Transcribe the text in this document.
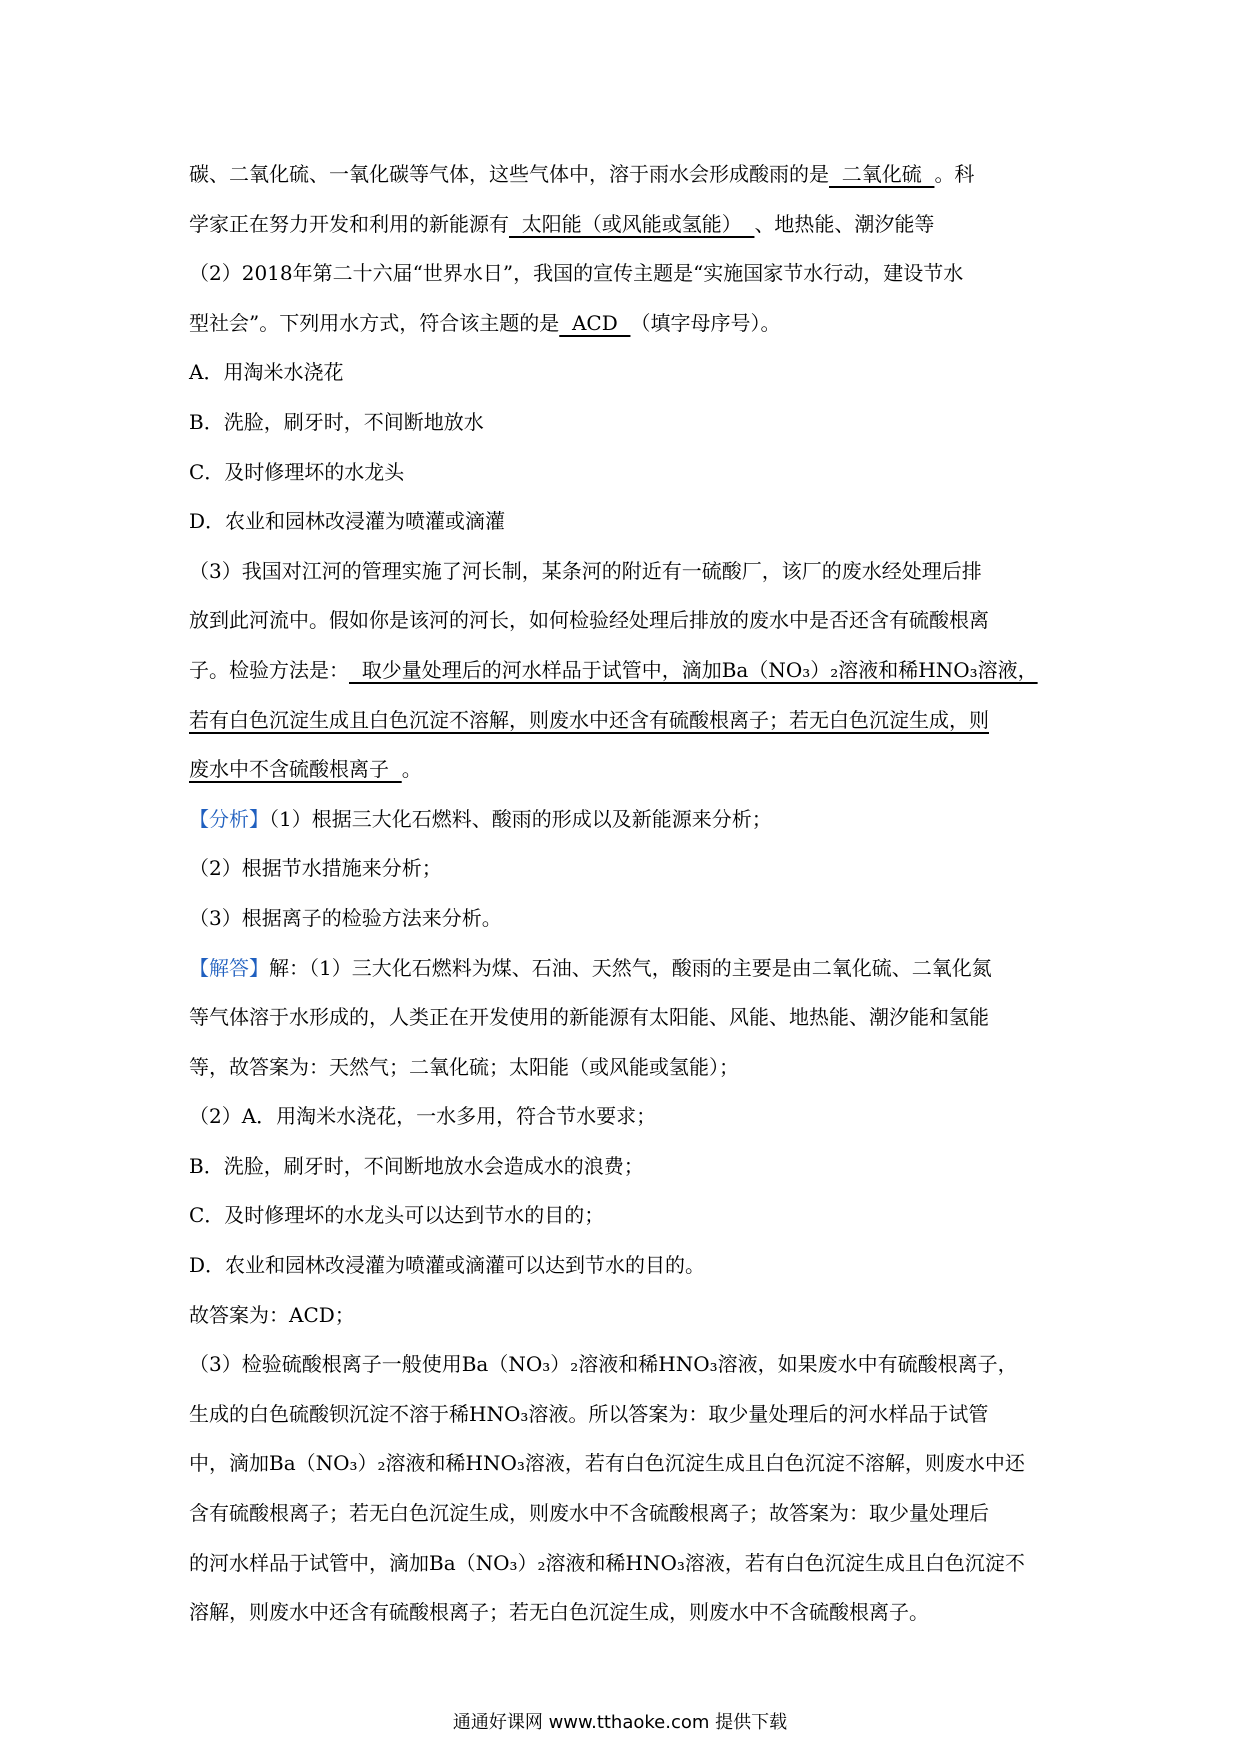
碳、二氧化硫、一氧化碳等气体，这些气体中，溶于雨水会形成酸雨的是  二氧化硫  。科
学家正在努力开发和利用的新能源有  太阳能（或风能或氢能）  、地热能、潮汐能等
（2）2018年第二十六届“世界水日”，我国的宣传主题是“实施国家节水行动，建设节水
型社会”。下列用水方式，符合该主题的是  ACD  （填字母序号）。
A．用淘米水浇花
B．洗脸，刷牙时，不间断地放水
C．及时修理坏的水龙头
D．农业和园林改浸灌为喷灌或滴灌
（3）我国对江河的管理实施了河长制，某条河的附近有一硫酸厂，该厂的废水经处理后排
放到此河流中。假如你是该河的河长，如何检验经处理后排放的废水中是否还含有硫酸根离
子。检验方法是：  取少量处理后的河水样品于试管中，滴加Ba（NO₃）₂溶液和稀HNO₃溶液，
若有白色沉淀生成且白色沉淀不溶解，则废水中还含有硫酸根离子；若无白色沉淀生成，则
废水中不含硫酸根离子  。
【分析】（1）根据三大化石燃料、酸雨的形成以及新能源来分析；
（2）根据节水措施来分析；
（3）根据离子的检验方法来分析。
【解答】解：（1）三大化石燃料为煤、石油、天然气，酸雨的主要是由二氧化硫、二氧化氮
等气体溶于水形成的，人类正在开发使用的新能源有太阳能、风能、地热能、潮汐能和氢能
等，故答案为：天然气；二氧化硫；太阳能（或风能或氢能）；
（2）A．用淘米水浇花，一水多用，符合节水要求；
B．洗脸，刷牙时，不间断地放水会造成水的浪费；
C．及时修理坏的水龙头可以达到节水的目的；
D．农业和园林改浸灌为喷灌或滴灌可以达到节水的目的。
故答案为：ACD；
（3）检验硫酸根离子一般使用Ba（NO₃）₂溶液和稀HNO₃溶液，如果废水中有硫酸根离子，
生成的白色硫酸钡沉淀不溶于稀HNO₃溶液。所以答案为：取少量处理后的河水样品于试管
中，滴加Ba（NO₃）₂溶液和稀HNO₃溶液，若有白色沉淀生成且白色沉淀不溶解，则废水中还
含有硫酸根离子；若无白色沉淀生成，则废水中不含硫酸根离子；故答案为：取少量处理后
的河水样品于试管中，滴加Ba（NO₃）₂溶液和稀HNO₃溶液，若有白色沉淀生成且白色沉淀不
溶解，则废水中还含有硫酸根离子；若无白色沉淀生成，则废水中不含硫酸根离子。
通通好课网 www.tthaoke.com 提供下载
